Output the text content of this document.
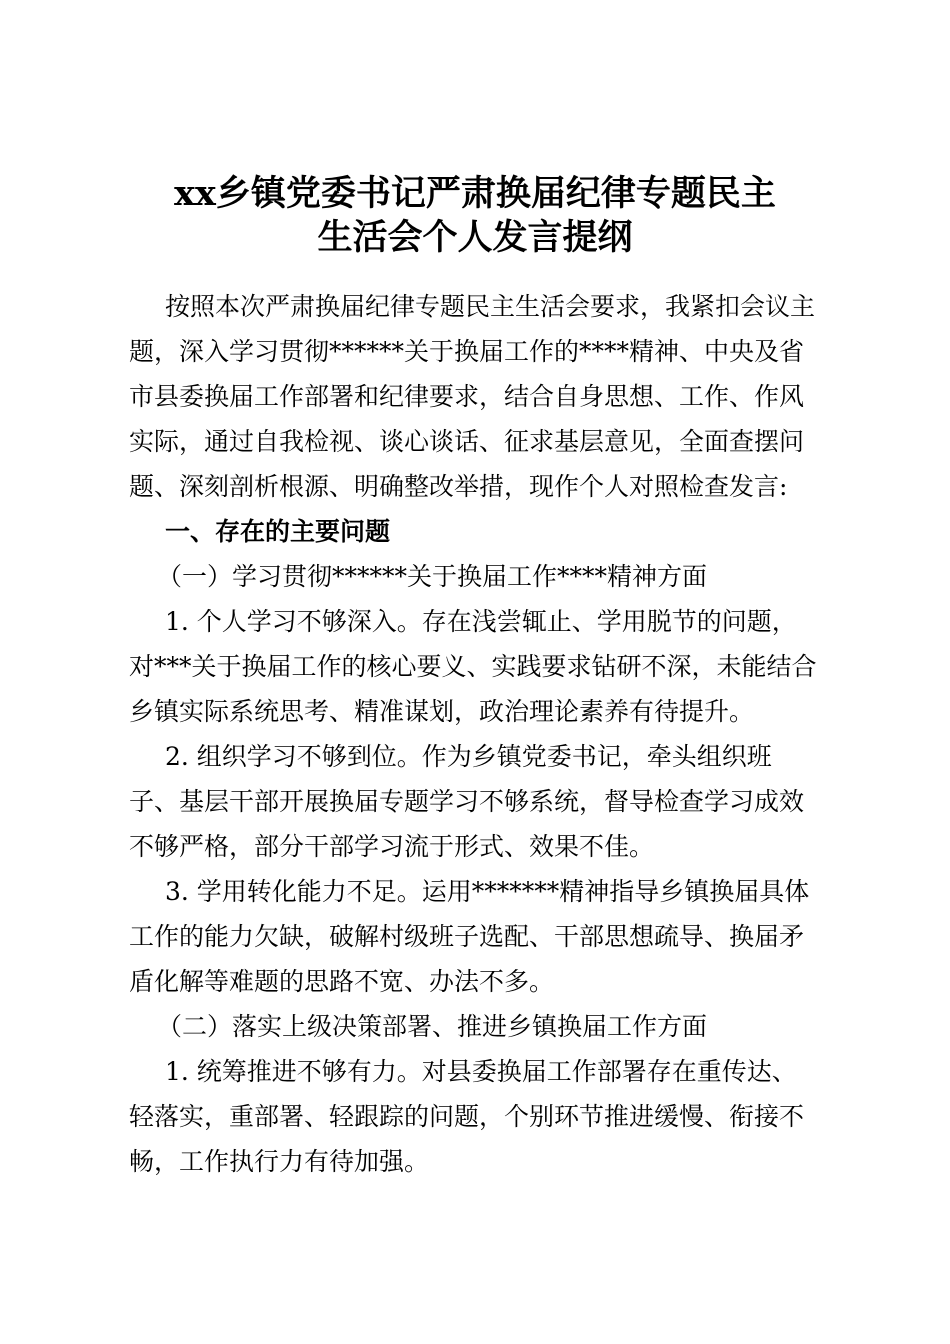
xx乡镇党委书记严肃换届纪律专题民主
生活会个人发言提纲
按照本次严肃换届纪律专题民主生活会要求，我紧扣会议主
题，深入学习贯彻******关于换届工作的****精神、中央及省
市县委换届工作部署和纪律要求，结合自身思想、工作、作风
实际，通过自我检视、谈心谈话、征求基层意见，全面查摆问
题、深刻剖析根源、明确整改举措，现作个人对照检查发言:
一、存在的主要问题
（一）学习贯彻******关于换届工作****精神方面
1. 个人学习不够深入。存在浅尝辄止、学用脱节的问题，
对***关于换届工作的核心要义、实践要求钻研不深，未能结合
乡镇实际系统思考、精准谋划，政治理论素养有待提升。
2. 组织学习不够到位。作为乡镇党委书记，牵头组织班
子、基层干部开展换届专题学习不够系统，督导检查学习成效
不够严格，部分干部学习流于形式、效果不佳。
3. 学用转化能力不足。运用*******精神指导乡镇换届具体
工作的能力欠缺，破解村级班子选配、干部思想疏导、换届矛
盾化解等难题的思路不宽、办法不多。
（二）落实上级决策部署、推进乡镇换届工作方面
1. 统筹推进不够有力。对县委换届工作部署存在重传达、
轻落实，重部署、轻跟踪的问题，个别环节推进缓慢、衔接不
畅，工作执行力有待加强。
